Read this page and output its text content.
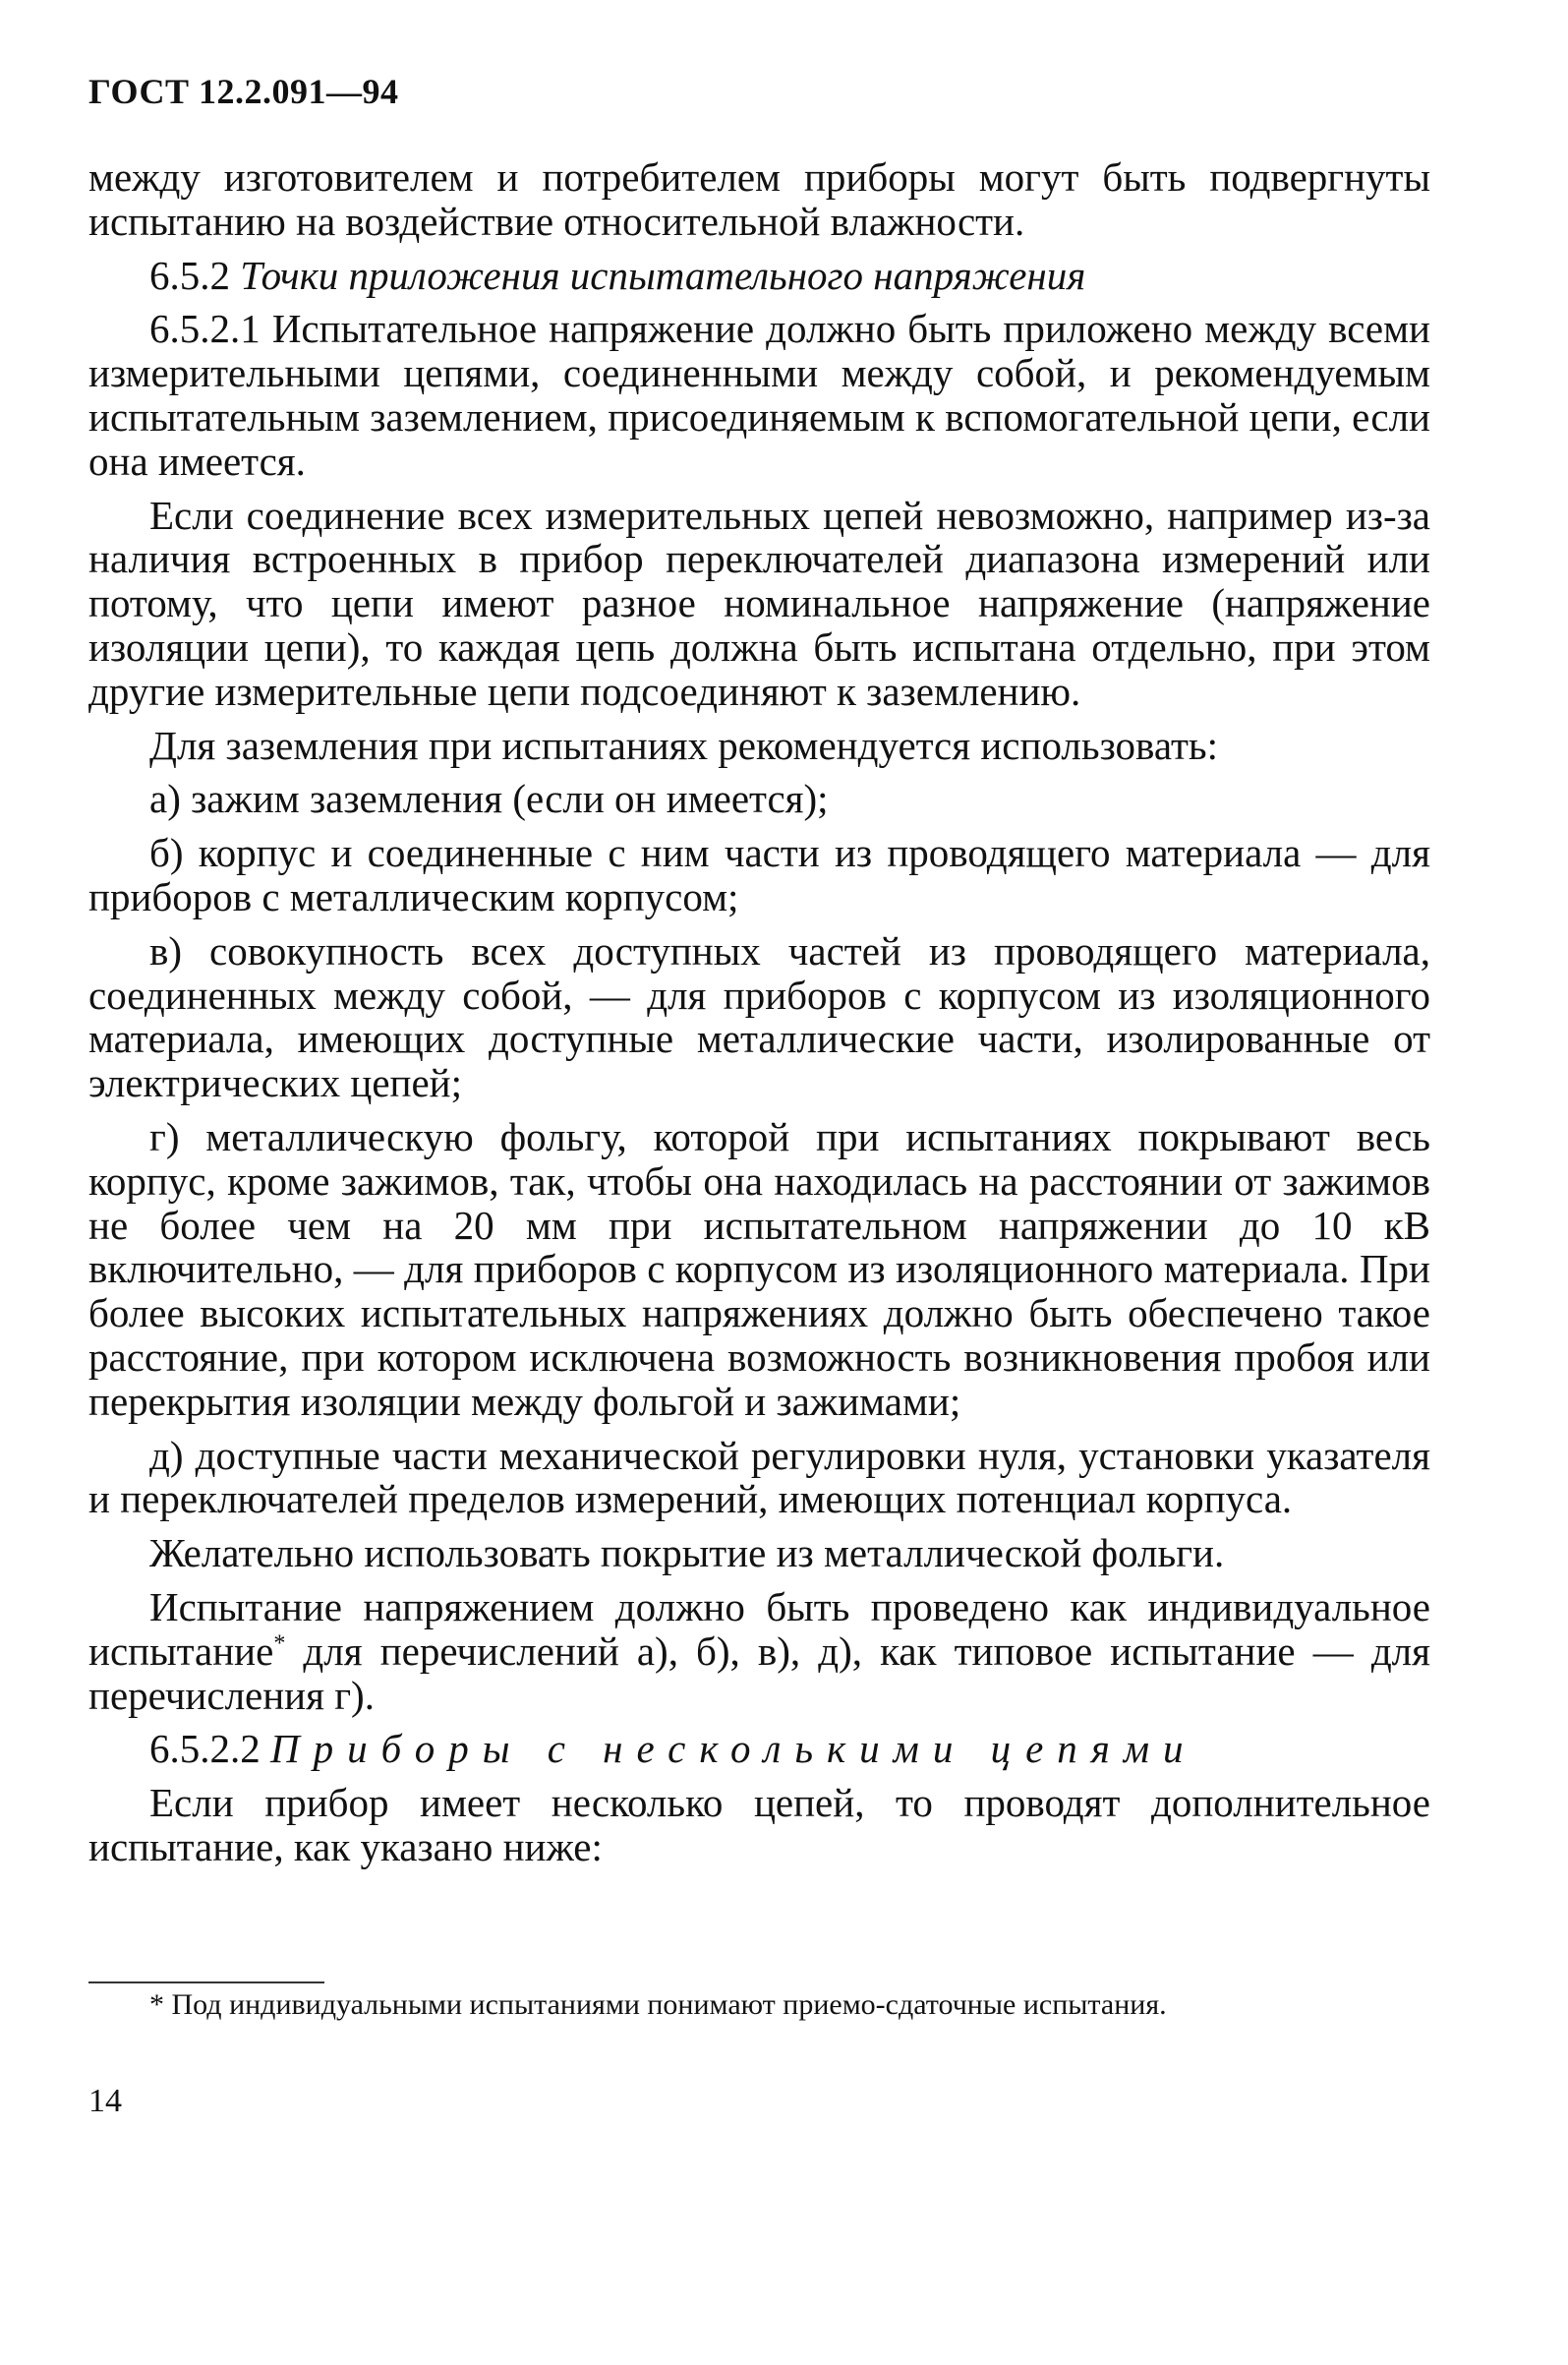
ГОСТ 12.2.091—94

между изготовителем и потребителем приборы могут быть подвергнуты испытанию на воздействие относительной влажности.

6.5.2 Точки приложения испытательного напряжения

6.5.2.1 Испытательное напряжение должно быть приложено между всеми измерительными цепями, соединенными между собой, и рекомендуемым испытательным заземлением, присоединяемым к вспомогательной цепи, если она имеется.

Если соединение всех измерительных цепей невозможно, например из-за наличия встроенных в прибор переключателей диапазона измерений или потому, что цепи имеют разное номинальное напряжение (напряжение изоляции цепи), то каждая цепь должна быть испытана отдельно, при этом другие измерительные цепи подсоединяют к заземлению.

Для заземления при испытаниях рекомендуется использовать:

а) зажим заземления (если он имеется);

б) корпус и соединенные с ним части из проводящего материала — для приборов с металлическим корпусом;

в) совокупность всех доступных частей из проводящего материала, соединенных между собой, — для приборов с корпусом из изоляционного материала, имеющих доступные металлические части, изолированные от электрических цепей;

г) металлическую фольгу, которой при испытаниях покрывают весь корпус, кроме зажимов, так, чтобы она находилась на расстоянии от зажимов не более чем на 20 мм при испытательном напряжении до 10 кВ включительно, — для приборов с корпусом из изоляционного материала. При более высоких испытательных напряжениях должно быть обеспечено такое расстояние, при котором исключена возможность возникновения пробоя или перекрытия изоляции между фольгой и зажимами;

д) доступные части механической регулировки нуля, установки указателя и переключателей пределов измерений, имеющих потенциал корпуса.

Желательно использовать покрытие из металлической фольги.

Испытание напряжением должно быть проведено как индивидуальное испытание* для перечислений а), б), в), д), как типовое испытание — для перечисления г).

6.5.2.2 Приборы с несколькими цепями

Если прибор имеет несколько цепей, то проводят дополнительное испытание, как указано ниже:

* Под индивидуальными испытаниями понимают приемо-сдаточные испытания.
14
